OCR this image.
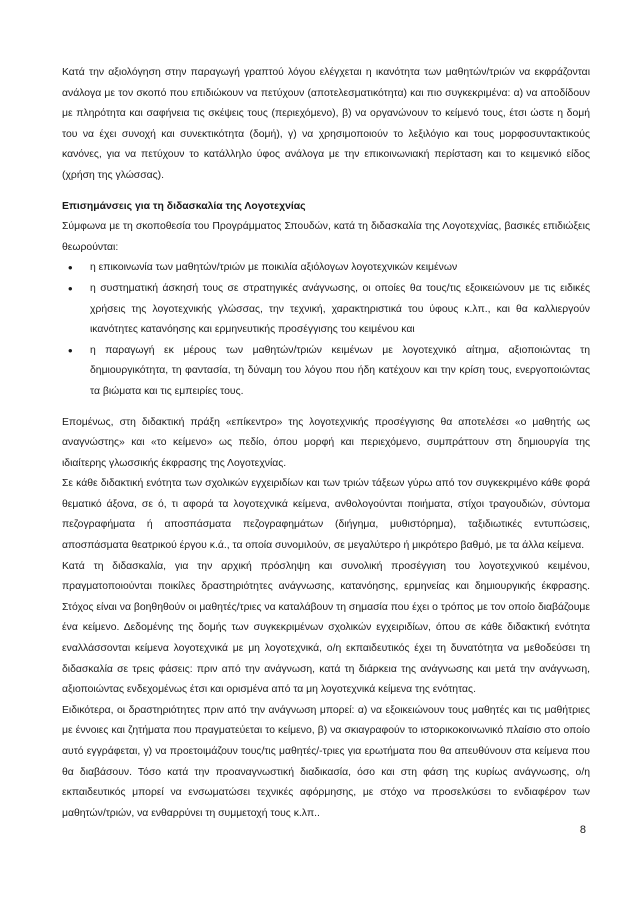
Κατά την αξιολόγηση στην παραγωγή γραπτού λόγου ελέγχεται η ικανότητα των μαθητών/τριών να εκφράζονται ανάλογα με τον σκοπό που επιδιώκουν να πετύχουν (αποτελεσματικότητα) και πιο συγκεκριμένα: α) να αποδίδουν με πληρότητα και σαφήνεια τις σκέψεις τους (περιεχόμενο), β) να οργανώνουν το κείμενό τους, έτσι ώστε η δομή του να έχει συνοχή και συνεκτικότητα (δομή), γ) να χρησιμοποιούν το λεξιλόγιο και τους μορφοσυντακτικούς κανόνες, για να πετύχουν το κατάλληλο ύφος ανάλογα με την επικοινωνιακή περίσταση και το κειμενικό είδος (χρήση της γλώσσας).

Επισημάνσεις για τη διδασκαλία της Λογοτεχνίας

Σύμφωνα με τη σκοποθεσία του Προγράμματος Σπουδών, κατά τη διδασκαλία της Λογοτεχνίας, βασικές επιδιώξεις θεωρούνται:

• η επικοινωνία των μαθητών/τριών με ποικιλία αξιόλογων λογοτεχνικών κειμένων
• η συστηματική άσκησή τους σε στρατηγικές ανάγνωσης, οι οποίες θα τους/τις εξοικειώνουν με τις ειδικές χρήσεις της λογοτεχνικής γλώσσας, την τεχνική, χαρακτηριστικά του ύφους κ.λπ., και θα καλλιεργούν ικανότητες κατανόησης και ερμηνευτικής προσέγγισης του κειμένου και
• η παραγωγή εκ μέρους των μαθητών/τριών κειμένων με λογοτεχνικό αίτημα, αξιοποιώντας τη δημιουργικότητα, τη φαντασία, τη δύναμη του λόγου που ήδη κατέχουν και την κρίση τους, ενεργοποιώντας τα βιώματα και τις εμπειρίες τους.

Επομένως, στη διδακτική πράξη «επίκεντρο» της λογοτεχνικής προσέγγισης θα αποτελέσει «ο μαθητής ως αναγνώστης» και «το κείμενο» ως πεδίο, όπου μορφή και περιεχόμενο, συμπράττουν στη δημιουργία της ιδιαίτερης γλωσσικής έκφρασης της Λογοτεχνίας.

Σε κάθε διδακτική ενότητα των σχολικών εγχειριδίων και των τριών τάξεων γύρω από τον συγκεκριμένο κάθε φορά θεματικό άξονα, σε ό, τι αφορά τα λογοτεχνικά κείμενα, ανθολογούνται ποιήματα, στίχοι τραγουδιών, σύντομα πεζογραφήματα ή αποσπάσματα πεζογραφημάτων (διήγημα, μυθιστόρημα), ταξιδιωτικές εντυπώσεις, αποσπάσματα θεατρικού έργου κ.ά., τα οποία συνομιλούν, σε μεγαλύτερο ή μικρότερο βαθμό, με τα άλλα κείμενα.

Κατά τη διδασκαλία, για την αρχική πρόσληψη και συνολική προσέγγιση του λογοτεχνικού κειμένου, πραγματοποιούνται ποικίλες δραστηριότητες ανάγνωσης, κατανόησης, ερμηνείας και δημιουργικής έκφρασης. Στόχος είναι να βοηθηθούν οι μαθητές/τριες να καταλάβουν τη σημασία που έχει ο τρόπος με τον οποίο διαβάζουμε ένα κείμενο. Δεδομένης της δομής των συγκεκριμένων σχολικών εγχειριδίων, όπου σε κάθε διδακτική ενότητα εναλλάσσονται κείμενα λογοτεχνικά με μη λογοτεχνικά, ο/η εκπαιδευτικός έχει τη δυνατότητα να μεθοδεύσει τη διδασκαλία σε τρεις φάσεις: πριν από την ανάγνωση, κατά τη διάρκεια της ανάγνωσης και μετά την ανάγνωση, αξιοποιώντας ενδεχομένως έτσι και ορισμένα από τα μη λογοτεχνικά κείμενα της ενότητας.

Ειδικότερα, οι δραστηριότητες πριν από την ανάγνωση μπορεί: α) να εξοικειώνουν τους μαθητές και τις μαθήτριες με έννοιες και ζητήματα που πραγματεύεται το κείμενο, β) να σκιαγραφούν το ιστορικοκοινωνικό πλαίσιο στο οποίο αυτό εγγράφεται, γ) να προετοιμάζουν τους/τις μαθητές/-τριες για ερωτήματα που θα απευθύνουν στα κείμενα που θα διαβάσουν. Τόσο κατά την προαναγνωστική διαδικασία, όσο και στη φάση της κυρίως ανάγνωσης, ο/η εκπαιδευτικός μπορεί να ενσωματώσει τεχνικές αφόρμησης, με στόχο να προσελκύσει το ενδιαφέρον των μαθητών/τριών, να ενθαρρύνει τη συμμετοχή τους κ.λπ..

8
